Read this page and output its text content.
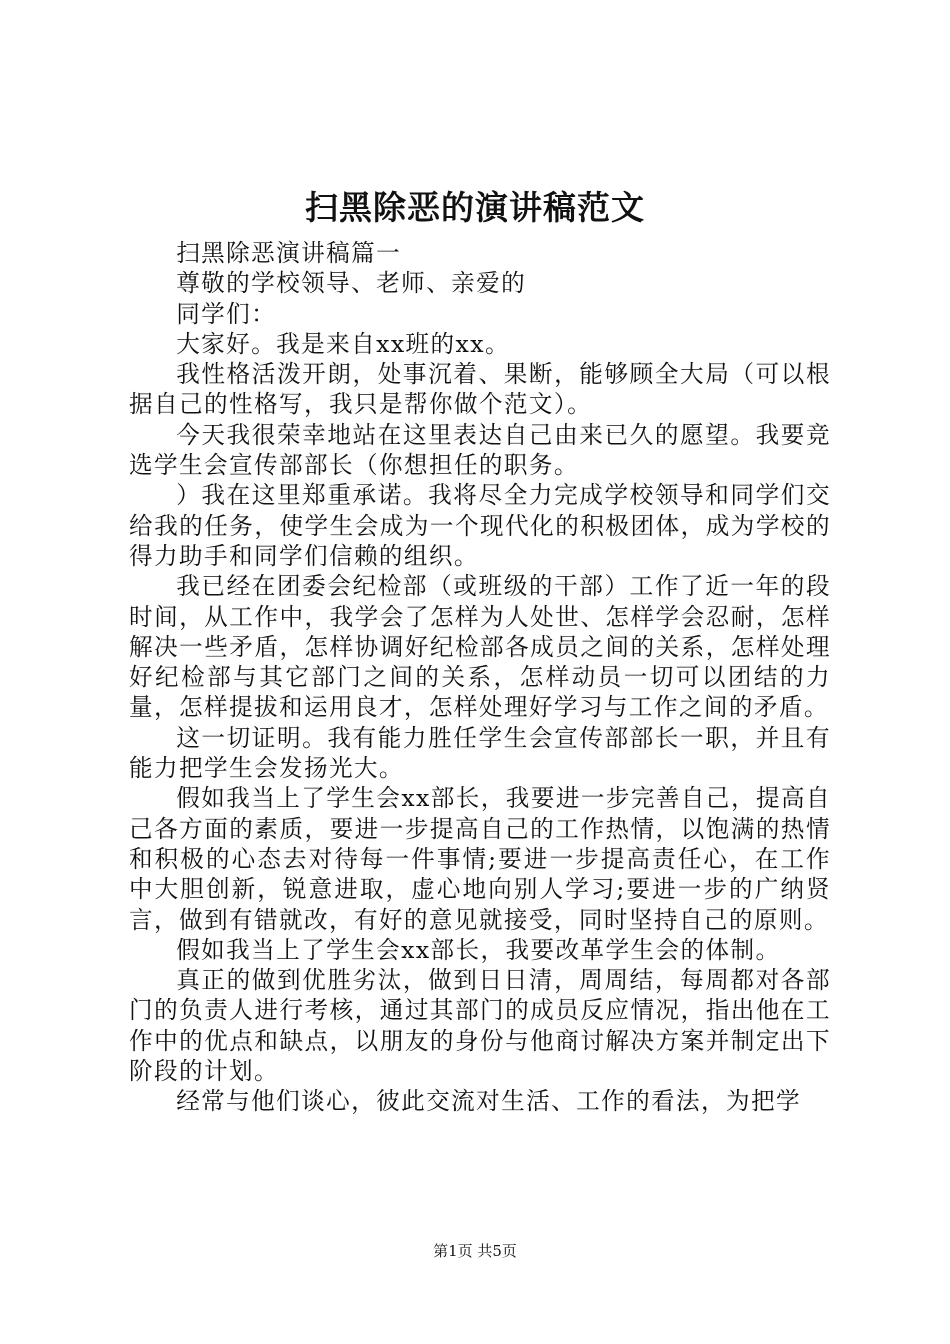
扫黑除恶的演讲稿范文

扫黑除恶演讲稿篇一

尊敬的学校领导、老师、亲爱的

同学们：

大家好。我是来自xx班的xx。

我性格活泼开朗，处事沉着、果断，能够顾全大局（可以根据自己的性格写，我只是帮你做个范文）。

今天我很荣幸地站在这里表达自己由来已久的愿望。我要竞选学生会宣传部部长（你想担任的职务。

）我在这里郑重承诺。我将尽全力完成学校领导和同学们交给我的任务，使学生会成为一个现代化的积极团体，成为学校的得力助手和同学们信赖的组织。

我已经在团委会纪检部（或班级的干部）工作了近一年的段时间，从工作中，我学会了怎样为人处世、怎样学会忍耐，怎样解决一些矛盾，怎样协调好纪检部各成员之间的关系，怎样处理好纪检部与其它部门之间的关系，怎样动员一切可以团结的力量，怎样提拔和运用良才，怎样处理好学习与工作之间的矛盾。

这一切证明。我有能力胜任学生会宣传部部长一职，并且有能力把学生会发扬光大。

假如我当上了学生会xx部长，我要进一步完善自己，提高自己各方面的素质，要进一步提高自己的工作热情，以饱满的热情和积极的心态去对待每一件事情;要进一步提高责任心，在工作中大胆创新，锐意进取，虚心地向别人学习;要进一步的广纳贤言，做到有错就改，有好的意见就接受，同时坚持自己的原则。

假如我当上了学生会xx部长，我要改革学生会的体制。

真正的做到优胜劣汰，做到日日清，周周结，每周都对各部门的负责人进行考核，通过其部门的成员反应情况，指出他在工作中的优点和缺点，以朋友的身份与他商讨解决方案并制定出下阶段的计划。

经常与他们谈心，彼此交流对生活、工作的看法，为把学

第1页 共5页
